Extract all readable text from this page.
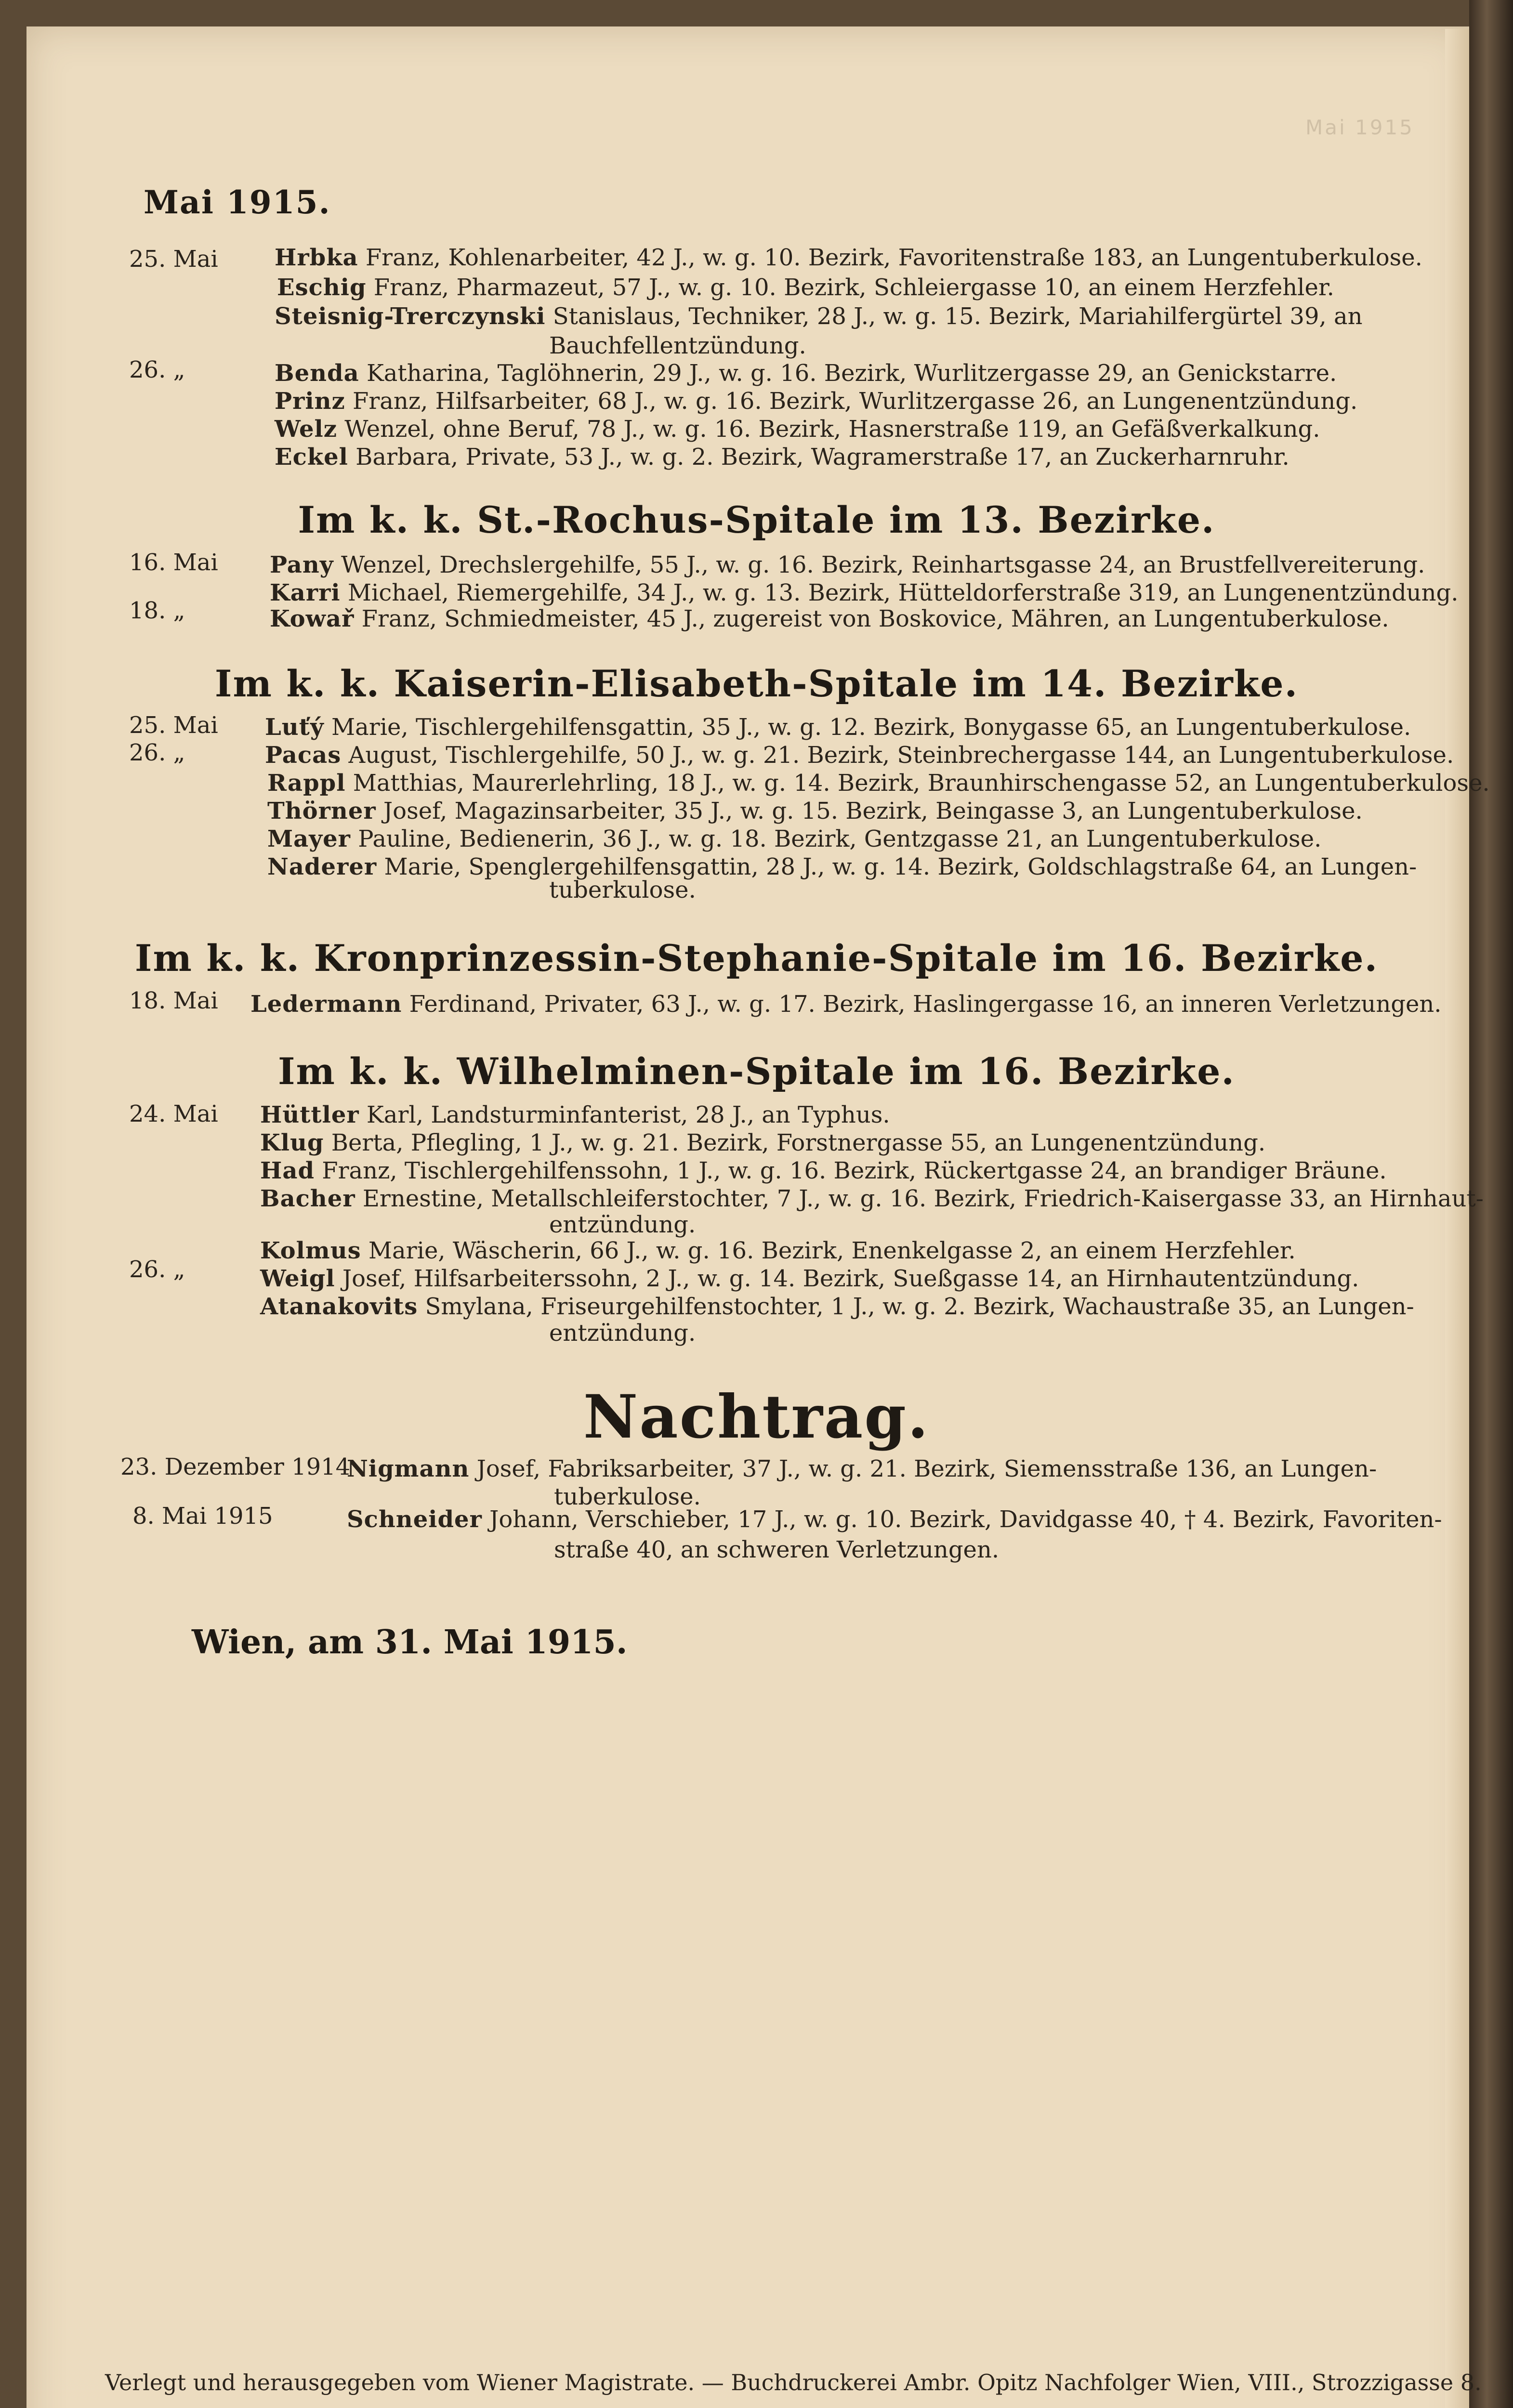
Mai 1915
Mai 1915.
25. Mai Hrbka Franz, Kohlenarbeiter, 42 J., w. g. 10. Bezirk, Favoritenstraße 183, an Lungentuberkulose.
Eschig Franz, Pharmazeut, 57 J., w. g. 10. Bezirk, Schleiergasse 10, an einem Herzfehler.
Steisnig-Trerczynski Stanislaus, Techniker, 28 J., w. g. 15. Bezirk, Mariahilfergürtel 39, an
Bauchfellentzündung.
26. „	Benda Katharina, Taglöhnerin, 29 J., w. g. 16. Bezirk, Wurlitzergasse 29, an Genickstarre.
Prinz Franz, Hilfsarbeiter, 68 J., w. g. 16. Bezirk, Wurlitzergasse 26, an Lungenentzündung.
Welz Wenzel, ohne Beruf, 78 J., w. g. 16. Bezirk, Hasnerstraße 119, an Gefäßverkalkung.
Eckel Barbara, Private, 53 J., w. g. 2. Bezirk, Wagramerstraße 17, an Zuckerharnruhr.
Im k. k. St.-Rochus-Spitale im 13. Bezirke.
16. Mai Pany Wenzel, Drechslergehilfe, 55 J., w. g. 16. Bezirk, Reinhartsgasse 24, an Brustfellvereiterung.
Karri Michael, Riemergehilfe, 34 J., w. g. 13. Bezirk, Hütteldorferstraße 319, an Lungenentzündung.
18. „	Kowař Franz, Schmiedmeister, 45 J., zugereist von Boskovice, Mähren, an Lungentuberkulose.
Im k. k. Kaiserin-Elisabeth-Spitale im 14. Bezirke.
25. Mai Luťý Marie, Tischlergehilfensgattin, 35 J., w. g. 12. Bezirk, Bonygasse 65, an Lungentuberkulose.
26. „	Pacas August, Tischlergehilfe, 50 J., w. g. 21. Bezirk, Steinbrechergasse 144, an Lungentuberkulose.
Rappl Matthias, Maurerlehrling, 18 J., w. g. 14. Bezirk, Braunhirschengasse 52, an Lungentuberkulose.
Thörner Josef, Magazinsarbeiter, 35 J., w. g. 15. Bezirk, Beingasse 3, an Lungentuberkulose.
Mayer Pauline, Bedienerin, 36 J., w. g. 18. Bezirk, Gentzgasse 21, an Lungentuberkulose.
Naderer Marie, Spenglergehilfensgattin, 28 J., w. g. 14. Bezirk, Goldschlagstraße 64, an Lungen-
tuberkulose.
Im k. k. Kronprinzessin-Stephanie-Spitale im 16. Bezirke.
18. Mai Ledermann Ferdinand, Privater, 63 J., w. g. 17. Bezirk, Haslingergasse 16, an inneren Verletzungen.
Im k. k. Wilhelminen-Spitale im 16. Bezirke.
24. Mai Hüttler Karl, Landsturminfanterist, 28 J., an Typhus.
Klug Berta, Pflegling, 1 J., w. g. 21. Bezirk, Forstnergasse 55, an Lungenentzündung.
Had Franz, Tischlergehilfenssohn, 1 J., w. g. 16. Bezirk, Rückertgasse 24, an brandiger Bräune.
Bacher Ernestine, Metallschleiferstochter, 7 J., w. g. 16. Bezirk, Friedrich-Kaisergasse 33, an Hirnhaut-
entzündung.
Kolmus Marie, Wäscherin, 66 J., w. g. 16. Bezirk, Enenkelgasse 2, an einem Herzfehler.
26. „	Weigl Josef, Hilfsarbeiterssohn, 2 J., w. g. 14. Bezirk, Sueßgasse 14, an Hirnhautentzündung.
Atanakovits Smylana, Friseurgehilfenstochter, 1 J., w. g. 2. Bezirk, Wachaustraße 35, an Lungen-
entzündung.
Nachtrag.
23. Dezember 1914
Nigmann Josef, Fabriksarbeiter, 37 J., w. g. 21. Bezirk, Siemensstraße 136, an Lungen-
tuberkulose.
8. Mai 1915	Schneider Johann, Verschieber, 17 J., w. g. 10. Bezirk, Davidgasse 40, † 4. Bezirk, Favoriten-
straße 40, an schweren Verletzungen.
Wien, am 31. Mai 1915.
Verlegt und herausgegeben vom Wiener Magistrate. — Buchdruckerei Ambr. Opitz Nachfolger Wien, VIII., Strozzigasse 8.
